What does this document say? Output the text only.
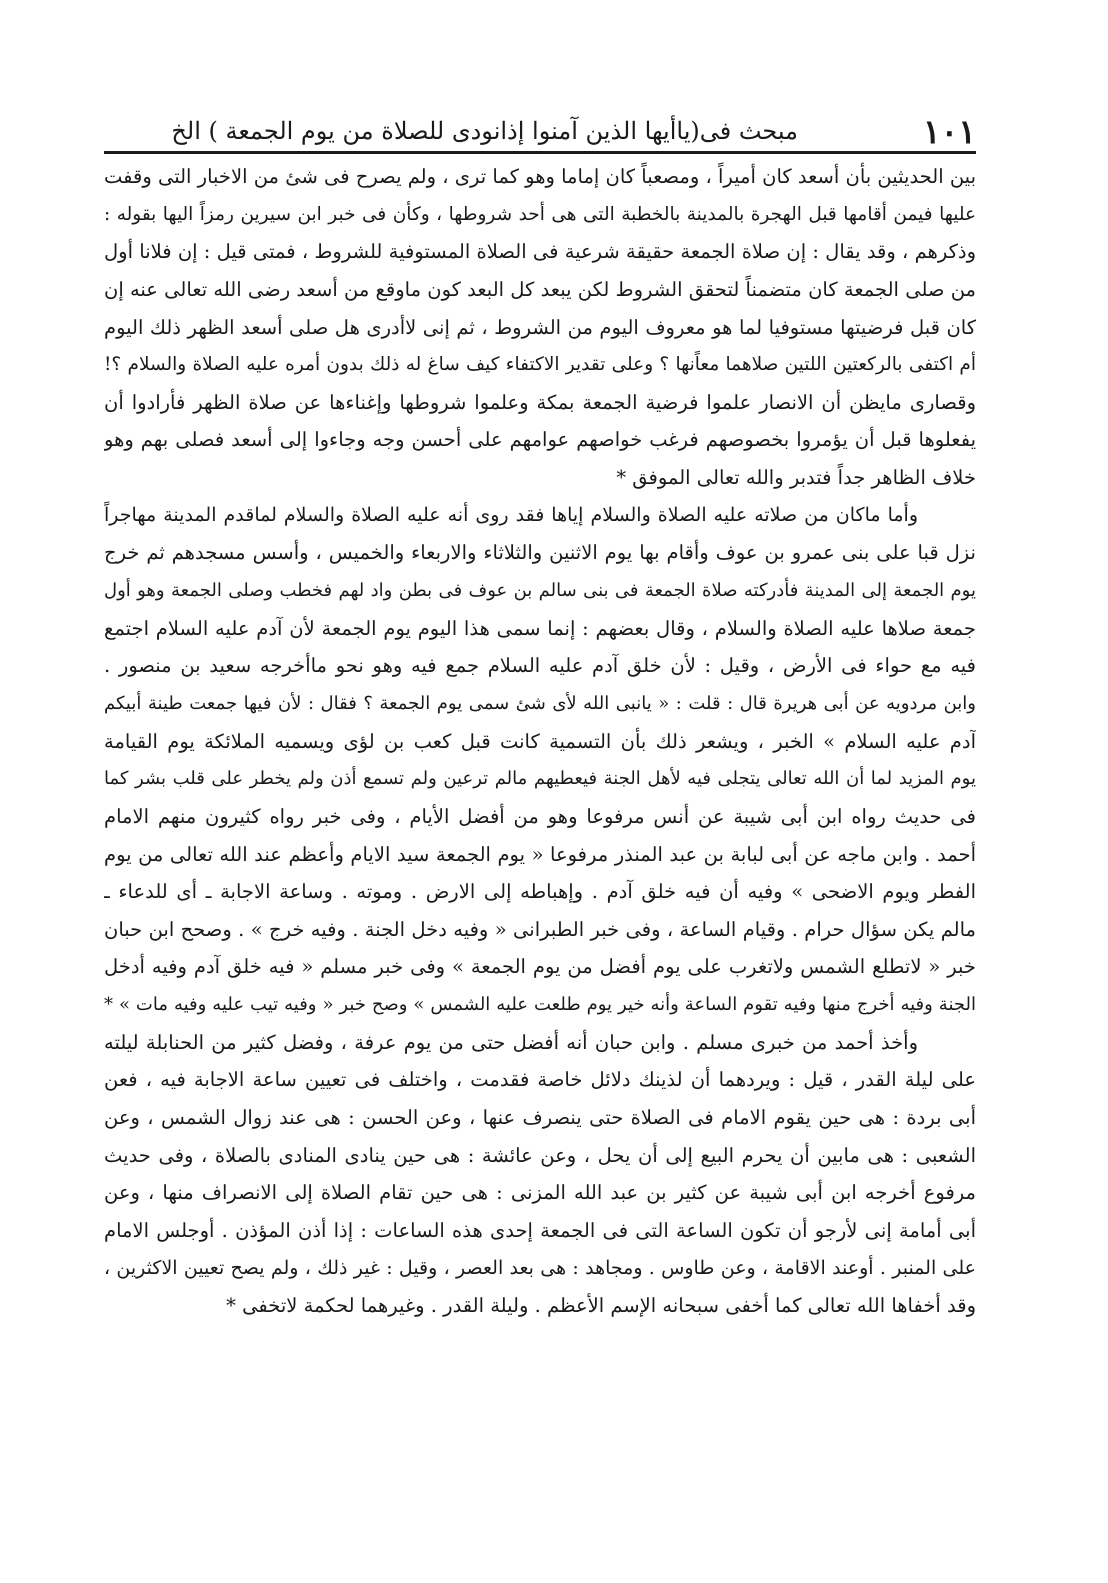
١٠١
مبحث فى(ياأيها الذين آمنوا إذانودى للصلاة من يوم الجمعة ) الخ
بين الحديثين بأن أسعد كان أميراً ، ومصعباً كان إماما وهو كما ترى ، ولم يصرح فى شئ من الاخبار التى وقفت
عليها فيمن أقامها قبل الهجرة بالمدينة بالخطبة التى هى أحد شروطها ، وكأن فى خبر ابن سيرين رمزاً اليها بقوله :
وذكرهم ، وقد يقال : إن صلاة الجمعة حقيقة شرعية فى الصلاة المستوفية للشروط ، فمتى قيل : إن فلانا أول
من صلى الجمعة كان متضمناً لتحقق الشروط لكن يبعد كل البعد كون ماوقع من أسعد رضى الله تعالى عنه إن
كان قبل فرضيتها مستوفيا لما هو معروف اليوم من الشروط ، ثم إنى لاأدرى هل صلى أسعد الظهر ذلك اليوم
أم اكتفى بالركعتين اللتين صلاهما معاًنها ؟ وعلى تقدير الاكتفاء كيف ساغ له ذلك بدون أمره عليه الصلاة والسلام ؟!
وقصارى مايظن أن الانصار علموا فرضية الجمعة بمكة وعلموا شروطها وإغناءها عن صلاة الظهر فأرادوا أن
يفعلوها قبل أن يؤمروا بخصوصهم فرغب خواصهم عوامهم على أحسن وجه وجاءوا إلى أسعد فصلى بهم وهو
خلاف الظاهر جداً فتدبر والله تعالى الموفق *
وأما ماكان من صلاته عليه الصلاة والسلام إياها فقد روى أنه عليه الصلاة والسلام لماقدم المدينة مهاجراً
نزل قبا على بنى عمرو بن عوف وأقام بها يوم الاثنين والثلاثاء والاربعاء والخميس ، وأسس مسجدهم ثم خرج
يوم الجمعة إلى المدينة فأدركته صلاة الجمعة فى بنى سالم بن عوف فى بطن واد لهم فخطب وصلى الجمعة وهو أول
جمعة صلاها عليه الصلاة والسلام ، وقال بعضهم : إنما سمى هذا اليوم يوم الجمعة لأن آدم عليه السلام اجتمع
فيه مع حواء فى الأرض ، وقيل : لأن خلق آدم عليه السلام جمع فيه وهو نحو ماأخرجه سعيد بن منصور .
وابن مردويه عن أبى هريرة قال : قلت : « يانبى الله لأى شئ سمى يوم الجمعة ؟ فقال : لأن فيها جمعت طينة أبيكم
آدم عليه السلام » الخبر ، ويشعر ذلك بأن التسمية كانت قبل كعب بن لؤى ويسميه الملائكة يوم القيامة
يوم المزيد لما أن الله تعالى يتجلى فيه لأهل الجنة فيعطيهم مالم ترعين ولم تسمع أذن ولم يخطر على قلب بشر كما
فى حديث رواه ابن أبى شيبة عن أنس مرفوعا وهو من أفضل الأيام ، وفى خبر رواه كثيرون منهم الامام
أحمد . وابن ماجه عن أبى لبابة بن عبد المنذر مرفوعا « يوم الجمعة سيد الايام وأعظم عند الله تعالى من يوم
الفطر ويوم الاضحى » وفيه أن فيه خلق آدم . وإهباطه إلى الارض . وموته . وساعة الاجابة ـ أى للدعاء ـ
مالم يكن سؤال حرام . وقيام الساعة ، وفى خبر الطبرانى « وفيه دخل الجنة . وفيه خرج » . وصحح ابن حبان
خبر « لاتطلع الشمس ولاتغرب على يوم أفضل من يوم الجمعة » وفى خبر مسلم « فيه خلق آدم وفيه أدخل
الجنة وفيه أخرج منها وفيه تقوم الساعة وأنه خير يوم طلعت عليه الشمس » وصح خبر « وفيه تيب عليه وفيه مات » *
وأخذ أحمد من خبرى مسلم . وابن حبان أنه أفضل حتى من يوم عرفة ، وفضل كثير من الحنابلة ليلته
على ليلة القدر ، قيل : ويردهما أن لذينك دلائل خاصة فقدمت ، واختلف فى تعيين ساعة الاجابة فيه ، فعن
أبى بردة : هى حين يقوم الامام فى الصلاة حتى ينصرف عنها ، وعن الحسن : هى عند زوال الشمس ، وعن
الشعبى : هى مابين أن يحرم البيع إلى أن يحل ، وعن عائشة : هى حين ينادى المنادى بالصلاة ، وفى حديث
مرفوع أخرجه ابن أبى شيبة عن كثير بن عبد الله المزنى : هى حين تقام الصلاة إلى الانصراف منها ، وعن
أبى أمامة إنى لأرجو أن تكون الساعة التى فى الجمعة إحدى هذه الساعات : إذا أذن المؤذن . أوجلس الامام
على المنبر . أوعند الاقامة ، وعن طاوس . ومجاهد : هى بعد العصر ، وقيل : غير ذلك ، ولم يصح تعيين الاكثرين ،
وقد أخفاها الله تعالى كما أخفى سبحانه الإسم الأعظم . وليلة القدر . وغيرهما لحكمة لاتخفى *
